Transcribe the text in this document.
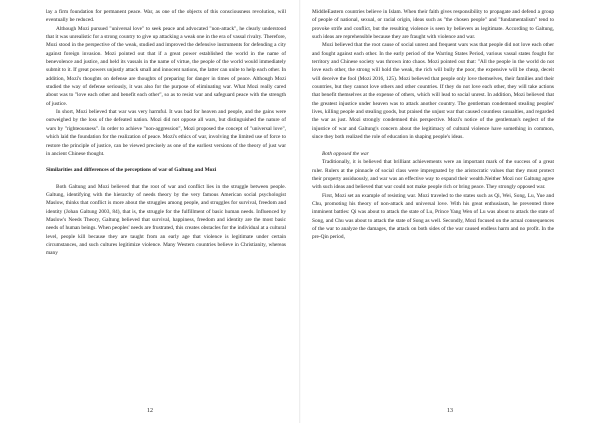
lay a firm foundation for permanent peace. War, as one of the objects of this consciousness revolution, will eventually be reduced.

Although Mozi pursued "universal love" to seek peace and advocated "non-attack", he clearly understood that it was unrealistic for a strong country to give up attacking a weak one in the era of vassal rivalry. Therefore, Mozi stood in the perspective of the weak, studied and improved the defensive instruments for defending a city against foreign invasion. Mozi pointed out that if a great power established the world in the name of benevolence and justice, and held its vassals in the name of virtue, the people of the world would immediately submit to it. If great powers unjustly attack small and innocent nations, the latter can unite to help each other. In addition, Mozi's thoughts on defense are thoughts of preparing for danger in times of peace. Although Mozi studied the way of defense seriously, it was also for the purpose of eliminating war. What Mozi really cared about was to "love each other and benefit each other", so as to resist war and safeguard peace with the strength of justice.

In short, Mozi believed that war was very harmful. It was bad for heaven and people, and the gains were outweighed by the loss of the defeated nation. Mozi did not oppose all wars, but distinguished the nature of wars by "righteousness". In order to achieve "non-aggression", Mozi proposed the concept of "universal love", which laid the foundation for the realization of peace. Mozi's ethics of war, involving the limited use of force to restore the principle of justice, can be viewed precisely as one of the earliest versions of the theory of just war in ancient Chinese thought.

Similarities and differences of the perceptions of war of Galtung and Mozi

Both Galtung and Mozi believed that the root of war and conflict lies in the struggle between people. Galtung, identifying with the hierarchy of needs theory by the very famous American social psychologist Maslow, thinks that conflict is more about the struggles among people, and struggles for survival, freedom and identity (Johan Galtung 2003, 84), that is, the struggle for the fulfillment of basic human needs. Influenced by Maslow's Needs Theory, Galtung believed that survival, happiness, freedom and identity are the most basic needs of human beings. When peoples' needs are frustrated, this creates obstacles for the individual at a cultural level, people kill because they are taught from an early age that violence is legitimate under certain circumstances, and such cultures legitimize violence. Many Western countries believe in Christianity, whereas many

12

MiddleEastern countries believe in Islam. When their faith gives responsibility to propagate and defend a group of people of national, sexual, or racial origin, ideas such as "the chosen people" and "fundamentalism" tend to provoke strife and conflict, but the resulting violence is seen by believers as legitimate. According to Galtung, such ideas are reprehensible because they are fraught with violence and war.

Mozi believed that the root cause of social unrest and frequent wars was that people did not love each other and fought against each other. In the early period of the Warring States Period, various vassal states fought for territory and Chinese society was thrown into chaos. Mozi pointed out that: "All the people in the world do not love each other, the strong will hold the weak, the rich will bully the poor, the expensive will be cheap, deceit will deceive the fool (Mozi 2016, 125). Mozi believed that people only love themselves, their families and their countries, but they cannot love others and other countries. If they do not love each other, they will take actions that benefit themselves at the expense of others, which will lead to social unrest. In addition, Mozi believed that the greatest injustice under heaven was to attack another country. The gentleman condemned stealing peoples' lives, killing people and stealing goods, but praised the unjust war that caused countless casualties, and regarded the war as just. Mozi strongly condemned this perspective. Mozi's notice of the gentleman's neglect of the injustice of war and Galtung's concern about the legitimacy of cultural violence have something in common, since they both realized the role of education in shaping people's ideas.

Both opposed the war

Traditionally, it is believed that brilliant achievements were an important mark of the success of a great ruler. Rulers at the pinnacle of social class were impregnated by the aristocratic values that they must protect their property assiduously, and war was an effective way to expand their wealth.Neither Mozi nor Galtung agree with such ideas and believed that war could not make people rich or bring peace. They strongly opposed war.

First, Mozi set an example of resisting war. Mozi traveled to the states such as Qi, Wei, Song, Lu, Yue and Chu, promoting his theory of non-attack and universal love. With his great enthusiasm, he prevented three imminent battles: Qi was about to attack the state of Lu, Prince Yang Wen of Lu was about to attack the state of Song, and Chu was about to attack the state of Song as well. Secondly, Mozi focused on the actual consequences of the war to analyze the damages, the attack on both sides of the war caused endless harm and no profit. In the pre-Qin period,

13
